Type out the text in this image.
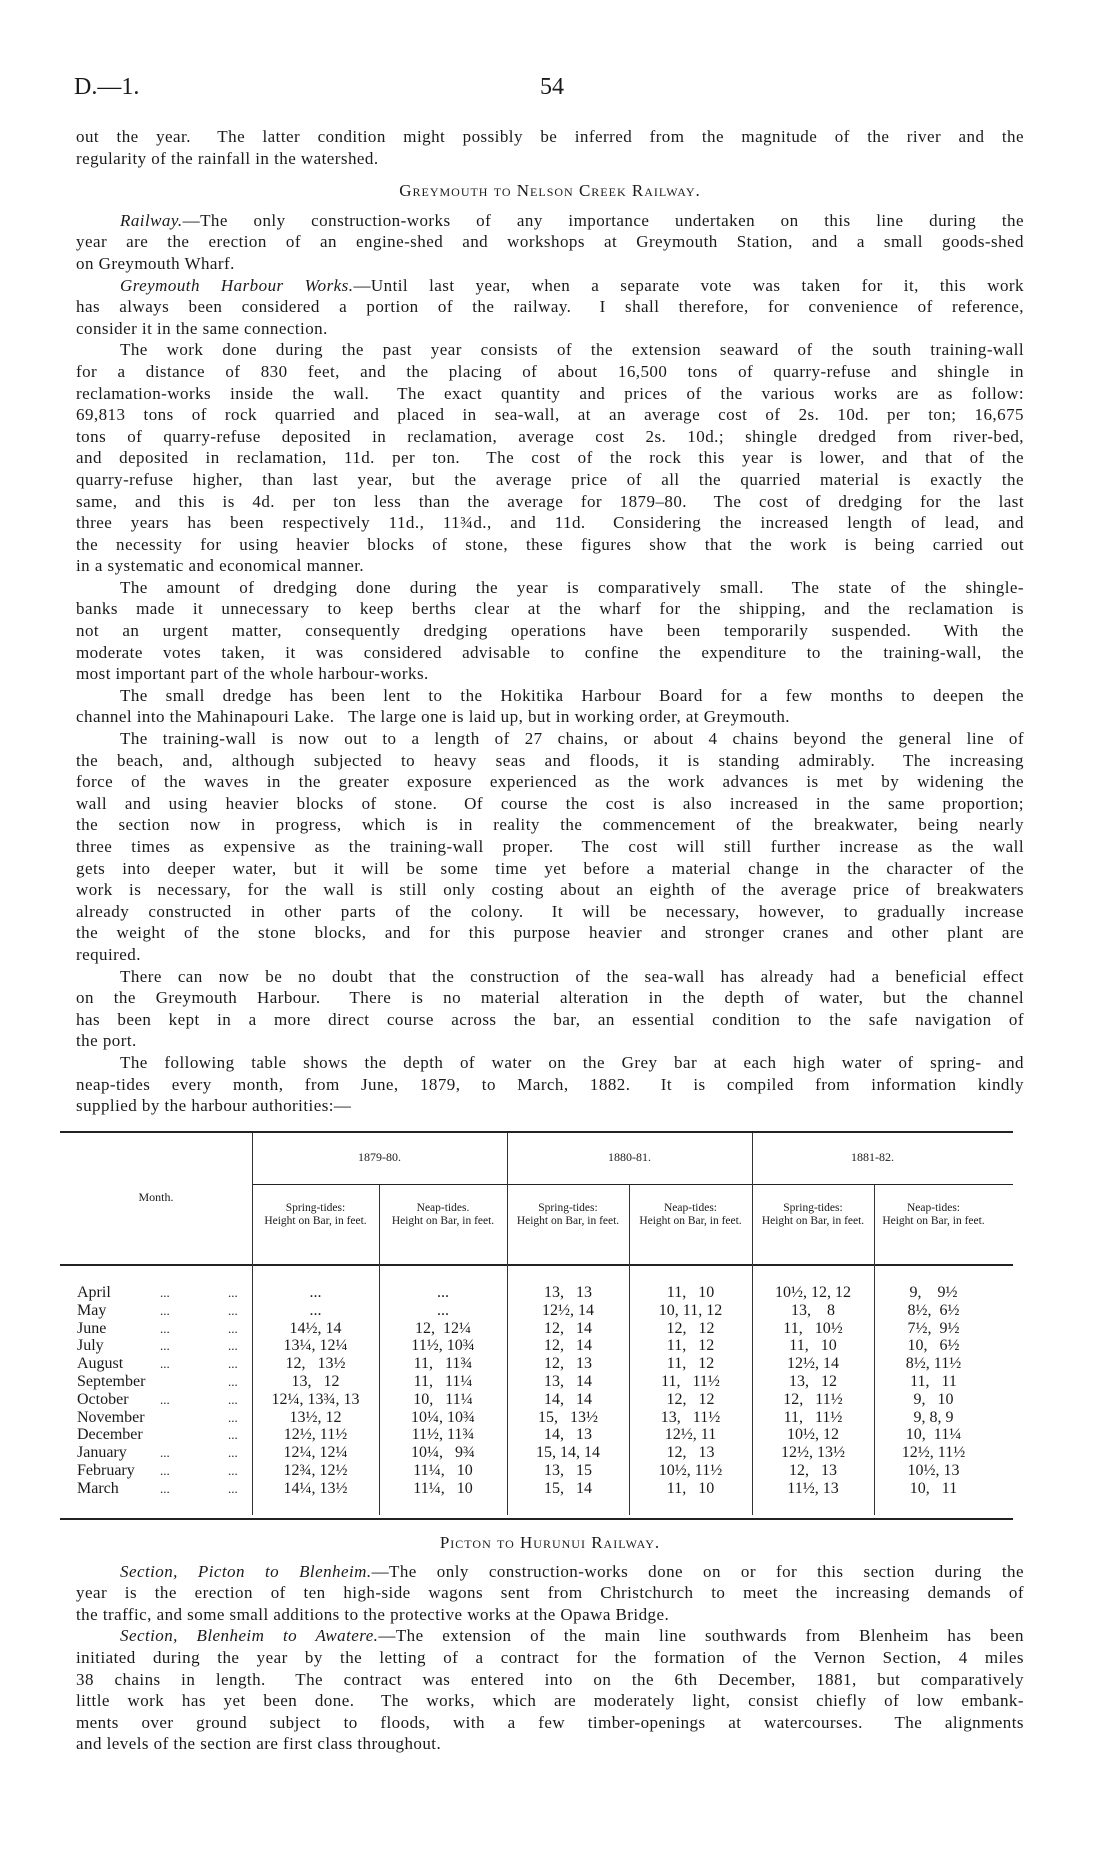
D.—1.	54
out the year.  The latter condition might possibly be inferred from the magnitude of the river and the
regularity of the rainfall in the watershed.
Greymouth to Nelson Creek Railway.
Railway.—The only construction-works of any importance undertaken on this line during the
year are the erection of an engine-shed and workshops at Greymouth Station, and a small goods-shed
on Greymouth Wharf.
Greymouth Harbour Works.—Until last year, when a separate vote was taken for it, this work
has always been considered a portion of the railway.  I shall therefore, for convenience of reference,
consider it in the same connection.
The work done during the past year consists of the extension seaward of the south training-wall
for a distance of 830 feet, and the placing of about 16,500 tons of quarry-refuse and shingle in
reclamation-works inside the wall.  The exact quantity and prices of the various works are as follow:
69,813 tons of rock quarried and placed in sea-wall, at an average cost of 2s. 10d. per ton; 16,675
tons of quarry-refuse deposited in reclamation, average cost 2s. 10d.; shingle dredged from river-bed,
and deposited in reclamation, 11d. per ton.  The cost of the rock this year is lower, and that of the
quarry-refuse higher, than last year, but the average price of all the quarried material is exactly the
same, and this is 4d. per ton less than the average for 1879–80.  The cost of dredging for the last
three years has been respectively 11d., 11¾d., and 11d.  Considering the increased length of lead, and
the necessity for using heavier blocks of stone, these figures show that the work is being carried out
in a systematic and economical manner.
The amount of dredging done during the year is comparatively small.  The state of the shingle-
banks made it unnecessary to keep berths clear at the wharf for the shipping, and the reclamation is
not an urgent matter, consequently dredging operations have been temporarily suspended.  With the
moderate votes taken, it was considered advisable to confine the expenditure to the training-wall, the
most important part of the whole harbour-works.
The small dredge has been lent to the Hokitika Harbour Board for a few months to deepen the
channel into the Mahinapouri Lake.  The large one is laid up, but in working order, at Greymouth.
The training-wall is now out to a length of 27 chains, or about 4 chains beyond the general line of
the beach, and, although subjected to heavy seas and floods, it is standing admirably.  The increasing
force of the waves in the greater exposure experienced as the work advances is met by widening the
wall and using heavier blocks of stone.  Of course the cost is also increased in the same proportion;
the section now in progress, which is in reality the commencement of the breakwater, being nearly
three times as expensive as the training-wall proper.  The cost will still further increase as the wall
gets into deeper water, but it will be some time yet before a material change in the character of the
work is necessary, for the wall is still only costing about an eighth of the average price of breakwaters
already constructed in other parts of the colony.  It will be necessary, however, to gradually increase
the weight of the stone blocks, and for this purpose heavier and stronger cranes and other plant are
required.
There can now be no doubt that the construction of the sea-wall has already had a beneficial effect
on the Greymouth Harbour.  There is no material alteration in the depth of water, but the channel
has been kept in a more direct course across the bar, an essential condition to the safe navigation of
the port.
The following table shows the depth of water on the Grey bar at each high water of spring- and
neap-tides every month, from June, 1879, to March, 1882.  It is compiled from information kindly
supplied by the harbour authorities:—
Month.
1879-80.	1880-81.	1881-82.
Spring-tides:
Height on Bar, in feet.
Neap-tides.
Height on Bar, in feet.
Spring-tides:
Height on Bar, in feet.
Neap-tides:
Height on Bar, in feet.
Spring-tides:
Height on Bar, in feet.
Neap-tides:
Height on Bar, in feet.
April	...	...	...	...	13,   13	11,   10	10½, 12, 12	9,    9½
May	...	...	...	...	12½, 14	10, 11, 12	13,    8	8½,  6½
June	...	...	14½, 14	12,  12¼	12,   14	12,   12	11,   10½	7½,  9½
July	...	...	13¼, 12¼	11½, 10¾	12,   14	11,   12	11,   10	10,   6½
August	...	...	12,   13½	11,   11¾	12,   13	11,   12	12½, 14	8½, 11½
September	...	13,   12	11,   11¼	13,   14	11,   11½	13,   12	11,   11
October ...	...	12¼, 13¾, 13	10,   11¼	14,   14	12,   12	12,   11½	9,   10
November	...	13½, 12	10¼, 10¾	15,   13½	13,   11½	11,   11½	9, 8, 9
December	...	12½, 11½	11½, 11¾	14,   13	12½, 11	10½, 12	10,  11¼
January	...	...	12¼, 12¼	10¼,   9¾	15, 14, 14	12,   13	12½, 13½	12½, 11½
February ...	...	12¾, 12½	11¼,   10	13,   15	10½, 11½	12,   13	10½, 13
March	...	...	14¼, 13½	11¼,   10	15,   14	11,   10	11½, 13	10,   11
Picton to Hurunui Railway.
Section, Picton to Blenheim.—The only construction-works done on or for this section during the
year is the erection of ten high-side wagons sent from Christchurch to meet the increasing demands of
the traffic, and some small additions to the protective works at the Opawa Bridge.
Section, Blenheim to Awatere.—The extension of the main line southwards from Blenheim has been
initiated during the year by the letting of a contract for the formation of the Vernon Section, 4 miles
38 chains in length.  The contract was entered into on the 6th December, 1881, but comparatively
little work has yet been done.  The works, which are moderately light, consist chiefly of low embank-
ments over ground subject to floods, with a few timber-openings at watercourses.  The alignments
and levels of the section are first class throughout.
